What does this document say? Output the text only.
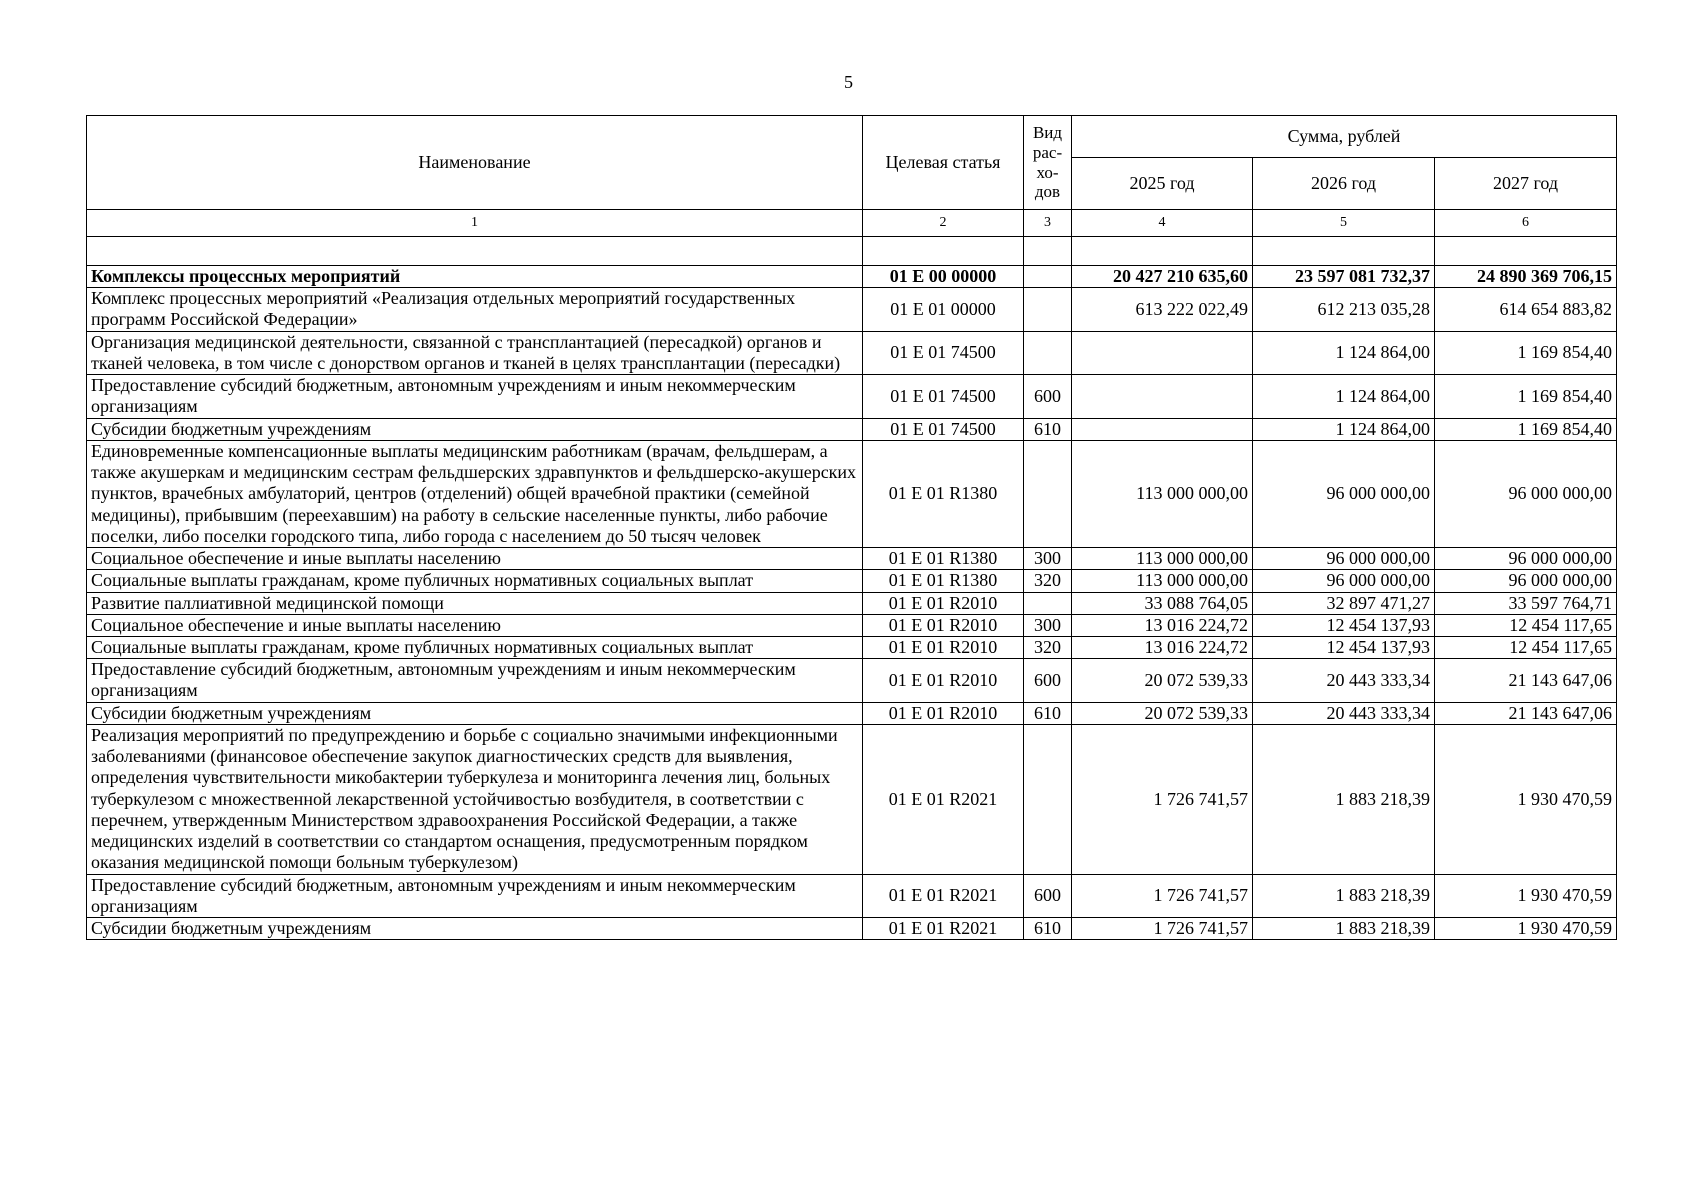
5
Наименование	Целевая статья	Вид рас-хо-дов	Сумма, рублей		
			2025 год	2026 год	2027 год
1	2	3	4	5	6

Комплексы процессных мероприятий	01 Е 00 00000		20 427 210 635,60	23 597 081 732,37	24 890 369 706,15
Комплекс процессных мероприятий «Реализация отдельных мероприятий государственных программ Российской Федерации»	01 Е 01 00000		613 222 022,49	612 213 035,28	614 654 883,82
Организация медицинской деятельности, связанной с трансплантацией (пересадкой) органов и тканей человека, в том числе с донорством органов и тканей в целях трансплантации (пересадки)	01 Е 01 74500			1 124 864,00	1 169 854,40
Предоставление субсидий бюджетным, автономным учреждениям и иным некоммерческим организациям	01 Е 01 74500	600		1 124 864,00	1 169 854,40
Субсидии бюджетным учреждениям	01 Е 01 74500	610		1 124 864,00	1 169 854,40
Единовременные компенсационные выплаты медицинским работникам (врачам, фельдшерам, а также акушеркам и медицинским сестрам фельдшерских здравпунктов и фельдшерско-акушерских пунктов, врачебных амбулаторий, центров (отделений) общей врачебной практики (семейной медицины), прибывшим (переехавшим) на работу в сельские населенные пункты, либо рабочие поселки, либо поселки городского типа, либо города с населением до 50 тысяч человек	01 Е 01 R1380		113 000 000,00	96 000 000,00	96 000 000,00
Социальное обеспечение и иные выплаты населению	01 Е 01 R1380	300	113 000 000,00	96 000 000,00	96 000 000,00
Социальные выплаты гражданам, кроме публичных нормативных социальных выплат	01 Е 01 R1380	320	113 000 000,00	96 000 000,00	96 000 000,00
Развитие паллиативной медицинской помощи	01 Е 01 R2010		33 088 764,05	32 897 471,27	33 597 764,71
Социальное обеспечение и иные выплаты населению	01 Е 01 R2010	300	13 016 224,72	12 454 137,93	12 454 117,65
Социальные выплаты гражданам, кроме публичных нормативных социальных выплат	01 Е 01 R2010	320	13 016 224,72	12 454 137,93	12 454 117,65
Предоставление субсидий бюджетным, автономным учреждениям и иным некоммерческим организациям	01 Е 01 R2010	600	20 072 539,33	20 443 333,34	21 143 647,06
Субсидии бюджетным учреждениям	01 Е 01 R2010	610	20 072 539,33	20 443 333,34	21 143 647,06
Реализация мероприятий по предупреждению и борьбе с социально значимыми инфекционными заболеваниями (финансовое обеспечение закупок диагностических средств для выявления, определения чувствительности микобактерии туберкулеза и мониторинга лечения лиц, больных туберкулезом с множественной лекарственной устойчивостью возбудителя, в соответствии с перечнем, утвержденным Министерством здравоохранения Российской Федерации, а также медицинских изделий в соответствии со стандартом оснащения, предусмотренным порядком оказания медицинской помощи больным туберкулезом)	01 Е 01 R2021		1 726 741,57	1 883 218,39	1 930 470,59
Предоставление субсидий бюджетным, автономным учреждениям и иным некоммерческим организациям	01 Е 01 R2021	600	1 726 741,57	1 883 218,39	1 930 470,59
Субсидии бюджетным учреждениям	01 Е 01 R2021	610	1 726 741,57	1 883 218,39	1 930 470,59
